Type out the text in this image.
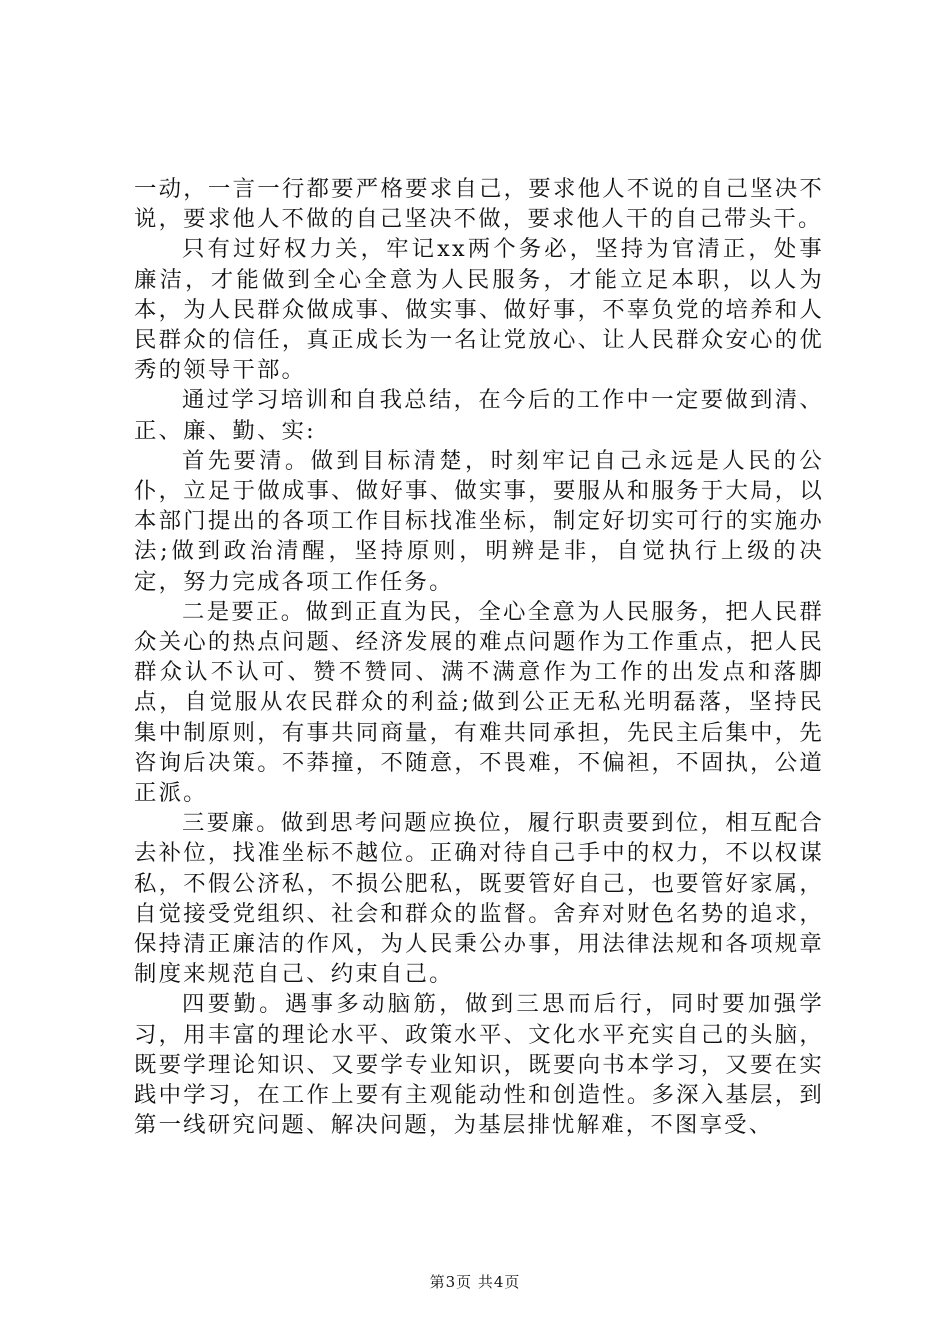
一动，一言一行都要严格要求自己，要求他人不说的自己坚决不说，要求他人不做的自己坚决不做，要求他人干的自己带头干。

只有过好权力关，牢记xx两个务必，坚持为官清正，处事廉洁，才能做到全心全意为人民服务，才能立足本职，以人为本，为人民群众做成事、做实事、做好事，不辜负党的培养和人民群众的信任，真正成长为一名让党放心、让人民群众安心的优秀的领导干部。

通过学习培训和自我总结，在今后的工作中一定要做到清、正、廉、勤、实:

首先要清。做到目标清楚，时刻牢记自己永远是人民的公仆，立足于做成事、做好事、做实事，要服从和服务于大局，以本部门提出的各项工作目标找准坐标，制定好切实可行的实施办法;做到政治清醒，坚持原则，明辨是非，自觉执行上级的决定，努力完成各项工作任务。

二是要正。做到正直为民，全心全意为人民服务，把人民群众关心的热点问题、经济发展的难点问题作为工作重点，把人民群众认不认可、赞不赞同、满不满意作为工作的出发点和落脚点，自觉服从农民群众的利益;做到公正无私光明磊落，坚持民集中制原则，有事共同商量，有难共同承担，先民主后集中，先咨询后决策。不莽撞，不随意，不畏难，不偏袒，不固执，公道正派。

三要廉。做到思考问题应换位，履行职责要到位，相互配合去补位，找准坐标不越位。正确对待自己手中的权力，不以权谋私，不假公济私，不损公肥私，既要管好自己，也要管好家属，自觉接受党组织、社会和群众的监督。舍弃对财色名势的追求，保持清正廉洁的作风，为人民秉公办事，用法律法规和各项规章制度来规范自己、约束自己。

四要勤。遇事多动脑筋，做到三思而后行，同时要加强学习，用丰富的理论水平、政策水平、文化水平充实自己的头脑，既要学理论知识、又要学专业知识，既要向书本学习，又要在实践中学习，在工作上要有主观能动性和创造性。多深入基层，到第一线研究问题、解决问题，为基层排忧解难，不图享受、

第3页 共4页
